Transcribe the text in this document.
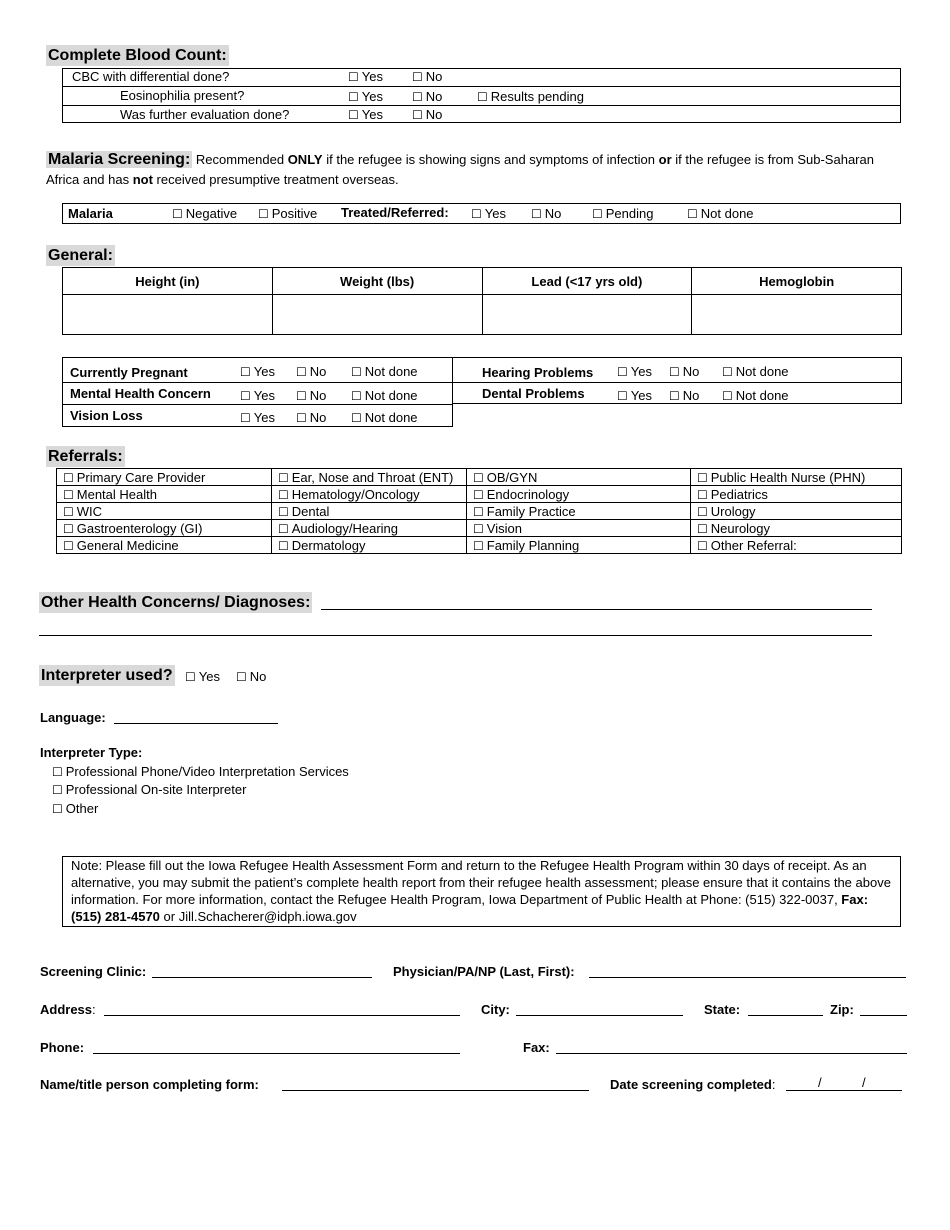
Complete Blood Count:
CBC with differential done?	☐ Yes	☐ No
Eosinophilia present?	☐ Yes	☐ No	☐ Results pending
Was further evaluation done?	☐ Yes	☐ No
Malaria Screening: Recommended ONLY if the refugee is showing signs and symptoms of infection or if the refugee is from Sub-Saharan Africa and has not received presumptive treatment overseas.
Malaria	☐ Negative	☐ Positive Treated/Referred:	☐ Yes	☐ No	☐ Pending	☐ Not done
General:
Height (in)	Weight (lbs)	Lead (<17 yrs old)	Hemoglobin

Currently Pregnant	☐ Yes	☐ No	☐ Not done
Mental Health Concern	☐ Yes	☐ No	☐ Not done
Vision Loss	☐ Yes	☐ No	☐ Not done
Hearing Problems	☐ Yes	☐ No	☐ Not done
Dental Problems	☐ Yes	☐ No	☐ Not done
Referrals:
☐ Primary Care Provider	☐ Ear, Nose and Throat (ENT)	☐ OB/GYN	☐ Public Health Nurse (PHN)
☐ Mental Health	☐ Hematology/Oncology	☐ Endocrinology	☐ Pediatrics
☐ WIC	☐ Dental	☐ Family Practice	☐ Urology
☐ Gastroenterology (GI)	☐ Audiology/Hearing	☐ Vision	☐ Neurology
☐ General Medicine	☐ Dermatology	☐ Family Planning	☐ Other Referral:
Other Health Concerns/ Diagnoses:
Interpreter used?	☐ Yes	☐ No
Language:
Interpreter Type:
☐ Professional Phone/Video Interpretation Services
☐ Professional On-site Interpreter
☐ Other
Note: Please fill out the Iowa Refugee Health Assessment Form and return to the Refugee Health Program within 30 days of receipt. As an alternative, you may submit the patient’s complete health report from their refugee health assessment; please ensure that it contains the above information. For more information, contact the Refugee Health Program, Iowa Department of Public Health at Phone: (515) 322-0037, Fax: (515) 281-4570 or Jill.Schacherer@idph.iowa.gov
Screening Clinic:	Physician/PA/NP (Last, First):
Address:	City:	State:	Zip:
Phone:	Fax:
Name/title person completing form:	Date screening completed:	/	/
